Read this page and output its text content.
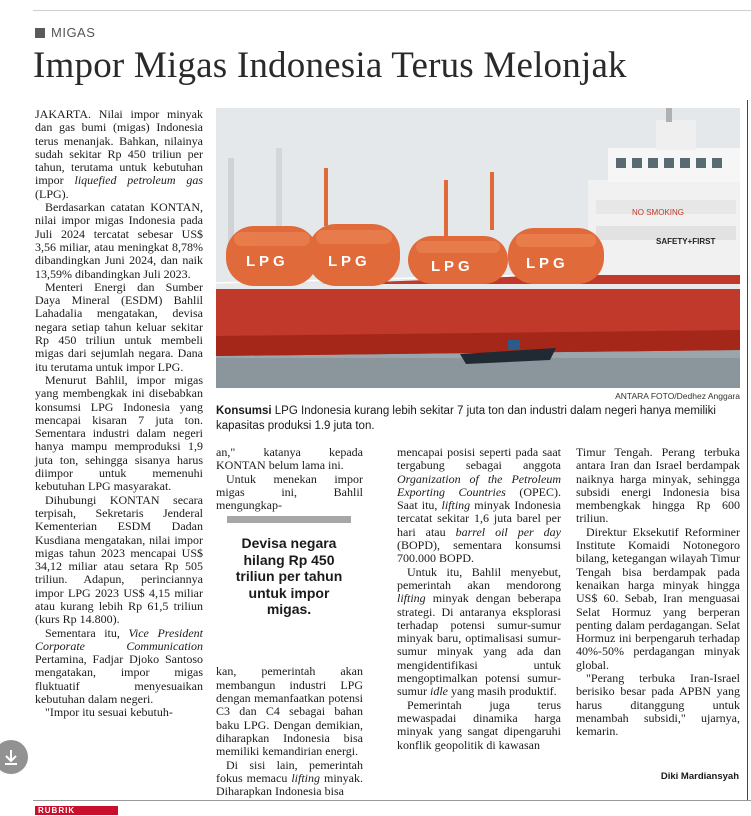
MIGAS
Impor Migas Indonesia Terus Melonjak

JAKARTA. Nilai impor minyak dan gas bumi (migas) Indonesia terus menanjak. Bahkan, nilainya sudah sekitar Rp 450 triliun per tahun, terutama untuk kebutuhan impor liquefied petroleum gas (LPG).

Berdasarkan catatan KONTAN, nilai impor migas Indonesia pada Juli 2024 tercatat sebesar US$ 3,56 miliar, atau meningkat 8,78% dibandingkan Juni 2024, dan naik 13,59% dibandingkan Juli 2023.

Menteri Energi dan Sumber Daya Mineral (ESDM) Bahlil Lahadalia mengatakan, devisa negara setiap tahun keluar sekitar Rp 450 triliun untuk membeli migas dari sejumlah negara. Dana itu terutama untuk impor LPG.

Menurut Bahlil, impor migas yang membengkak ini disebabkan konsumsi LPG Indonesia yang mencapai kisaran 7 juta ton. Sementara industri dalam negeri hanya mampu memproduksi 1,9 juta ton, sehingga sisanya harus diimpor untuk memenuhi kebutuhan LPG masyarakat.

Dihubungi KONTAN secara terpisah, Sekretaris Jenderal Kementerian ESDM Dadan Kusdiana mengatakan, nilai impor migas tahun 2023 mencapai US$ 34,12 miliar atau setara Rp 505 triliun. Adapun, perinciannya impor LPG 2023 US$ 4,15 miliar atau kurang lebih Rp 61,5 triliun (kurs Rp 14.800).

Sementara itu, Vice President Corporate Communication Pertamina, Fadjar Djoko Santoso mengatakan, impor migas fluktuatif menyesuaikan kebutuhan dalam negeri.

"Impor itu sesuai kebutuh-

NO SMOKING
SAFETY+FIRST
L P G	L P G	L P G	L P G
ANTARA FOTO/Dedhez Anggara
Konsumsi LPG Indonesia kurang lebih sekitar 7 juta ton dan industri dalam negeri hanya memiliki kapasitas produksi 1.9 juta ton.

an," katanya kepada KONTAN belum lama ini.

Untuk menekan impor migas ini, Bahlil mengungkap-

kan, pemerintah akan membangun industri LPG dengan memanfaatkan potensi C3 dan C4 sebagai bahan baku LPG. Dengan demikian, diharapkan Indonesia bisa memiliki kemandirian energi.

Di sisi lain, pemerintah fokus memacu lifting minyak. Diharapkan Indonesia bisa

Devisa negara hilang Rp 450 triliun per tahun untuk impor migas.

mencapai posisi seperti pada saat tergabung sebagai anggota Organization of the Petroleum Exporting Countries (OPEC). Saat itu, lifting minyak Indonesia tercatat sekitar 1,6 juta barel per hari atau barrel oil per day (BOPD), sementara konsumsi 700.000 BOPD.

Untuk itu, Bahlil menyebut, pemerintah akan mendorong lifting minyak dengan beberapa strategi. Di antaranya eksplorasi terhadap potensi sumur-sumur minyak baru, optimalisasi sumur-sumur minyak yang ada dan mengidentifikasi untuk mengoptimalkan potensi sumur-sumur idle yang masih produktif.

Pemerintah juga terus mewaspadai dinamika harga minyak yang sangat dipengaruhi konflik geopolitik di kawasan

Timur Tengah. Perang terbuka antara Iran dan Israel berdampak naiknya harga minyak, sehingga subsidi energi Indonesia bisa membengkak hingga Rp 600 triliun.

Direktur Eksekutif Reforminer Institute Komaidi Notonegoro bilang, ketegangan wilayah Timur Tengah bisa berdampak pada kenaikan harga minyak hingga US$ 60. Sebab, Iran menguasai Selat Hormuz yang berperan penting dalam perdagangan. Selat Hormuz ini berpengaruh terhadap 40%-50% perdagangan minyak global.

"Perang terbuka Iran-Israel berisiko besar pada APBN yang harus ditanggung untuk menambah subsidi," ujarnya, kemarin.

Diki Mardiansyah
RUBRIK
